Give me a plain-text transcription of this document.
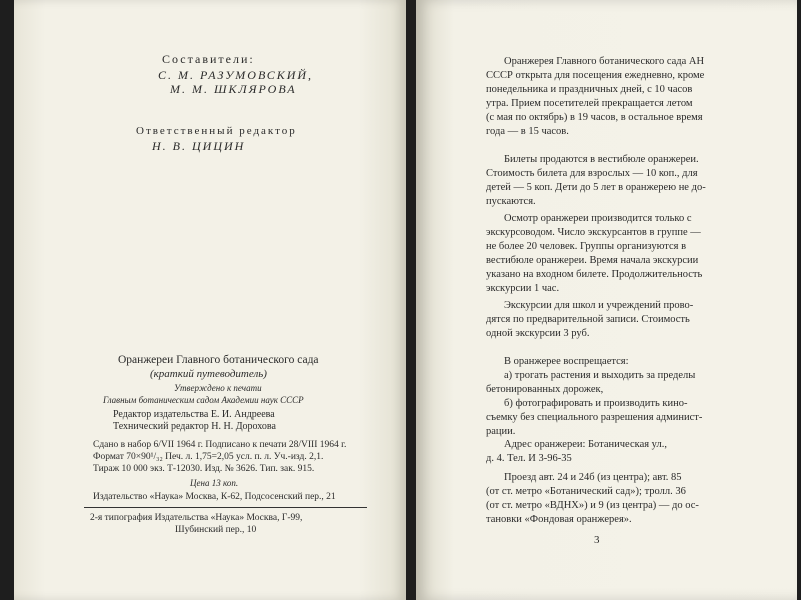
Составители:

С. М. РАЗУМОВСКИЙ,

М. М. ШКЛЯРОВА

Ответственный редактор

Н. В. ЦИЦИН

Оранжереи Главного ботанического сада

(краткий путеводитель)

Утверждено к печати

Главным ботаническим садом Академии наук СССР

Редактор издательства Е. И. Андреева

Технический редактор Н. Н. Дорохова

Сдано в набор 6/VII 1964 г. Подписано к печати 28/VIII 1964 г.

Формат 70×90¹/₃₂ Печ. л. 1,75=2,05 усл. п. л. Уч.-изд. 2,1.

Тираж 10 000 экз. Т-12030. Изд. № 3626. Тип. зак. 915.

Цена 13 коп.

Издательство «Наука» Москва, К-62, Подсосенский пер., 21

2-я типография Издательства «Наука» Москва, Г-99,

Шубинский пер., 10

Оранжерея Главного ботанического сада АН
СССР открыта для посещения ежедневно, кроме
понедельника и праздничных дней, с 10 часов
утра. Прием посетителей прекращается летом
(с мая по октябрь) в 19 часов, в остальное время
года — в 15 часов.
Билеты продаются в вестибюле оранжереи.
Стоимость билета для взрослых — 10 коп., для
детей — 5 коп. Дети до 5 лет в оранжерею не до-
пускаются.
Осмотр оранжереи производится только с
экскурсоводом. Число экскурсантов в группе —
не более 20 человек. Группы организуются в
вестибюле оранжереи. Время начала экскурсии
указано на входном билете. Продолжительность
экскурсии 1 час.
Экскурсии для школ и учреждений прово-
дятся по предварительной записи. Стоимость
одной экскурсии 3 руб.
В оранжерее воспрещается:
а) трогать растения и выходить за пределы
бетонированных дорожек,
б) фотографировать и производить кино-
съемку без специального разрешения админист-
рации.
Адрес оранжереи: Ботаническая ул.,
д. 4. Тел. И 3-96-35
Проезд авт. 24 и 24б (из центра); авт. 85
(от ст. метро «Ботанический сад»); тролл. 36
(от ст. метро «ВДНХ») и 9 (из центра) — до ос-
тановки «Фондовая оранжерея».

3
